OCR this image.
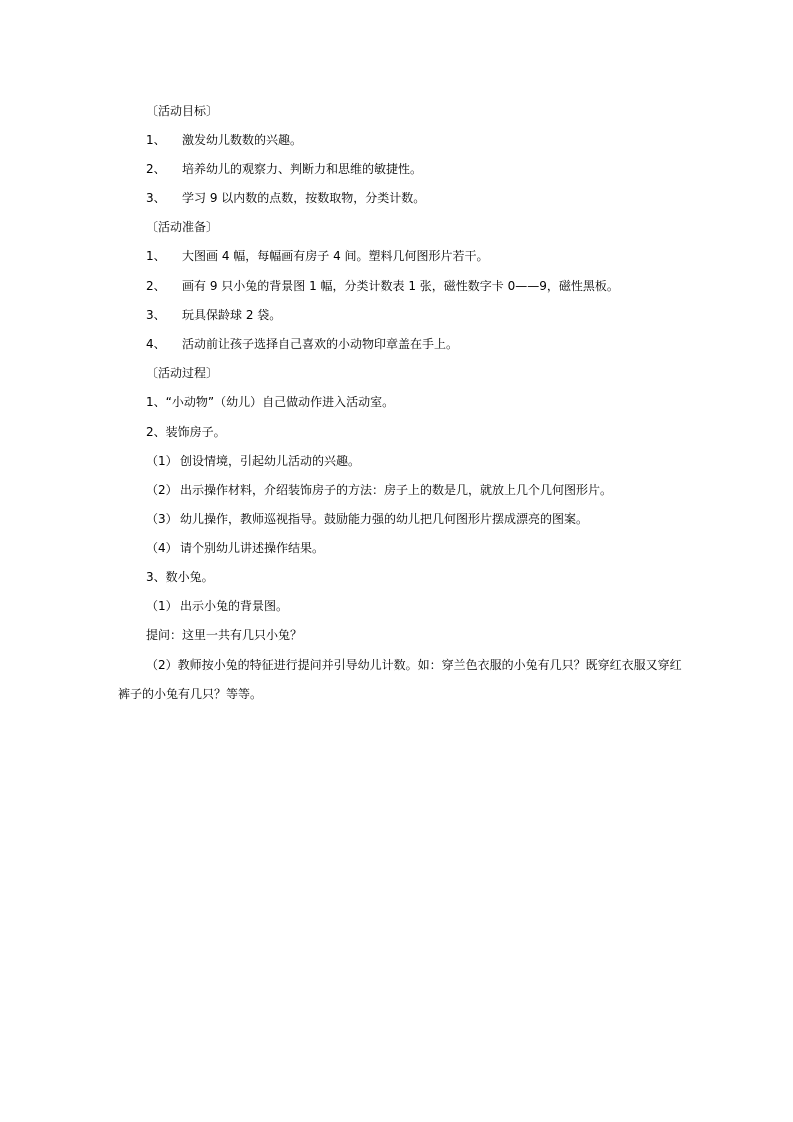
〔活动目标〕
1、 激发幼儿数数的兴趣。
2、 培养幼儿的观察力、判断力和思维的敏捷性。
3、 学习 9 以内数的点数，按数取物，分类计数。
〔活动准备〕
1、 大图画 4 幅，每幅画有房子 4 间。塑料几何图形片若干。
2、 画有 9 只小兔的背景图 1 幅，分类计数表 1 张，磁性数字卡 0——9，磁性黑板。
3、 玩具保龄球 2 袋。
4、 活动前让孩子选择自己喜欢的小动物印章盖在手上。
〔活动过程〕
1、“小动物”（幼儿）自己做动作进入活动室。
2、装饰房子。
（1） 创设情境，引起幼儿活动的兴趣。
（2） 出示操作材料，介绍装饰房子的方法：房子上的数是几，就放上几个几何图形片。
（3） 幼儿操作，教师巡视指导。鼓励能力强的幼儿把几何图形片摆成漂亮的图案。
（4） 请个别幼儿讲述操作结果。
3、数小兔。
（1） 出示小兔的背景图。
提问：这里一共有几只小兔？
（2）教师按小兔的特征进行提问并引导幼儿计数。如：穿兰色衣服的小兔有几只？既穿红衣服又穿红
裤子的小兔有几只？等等。
